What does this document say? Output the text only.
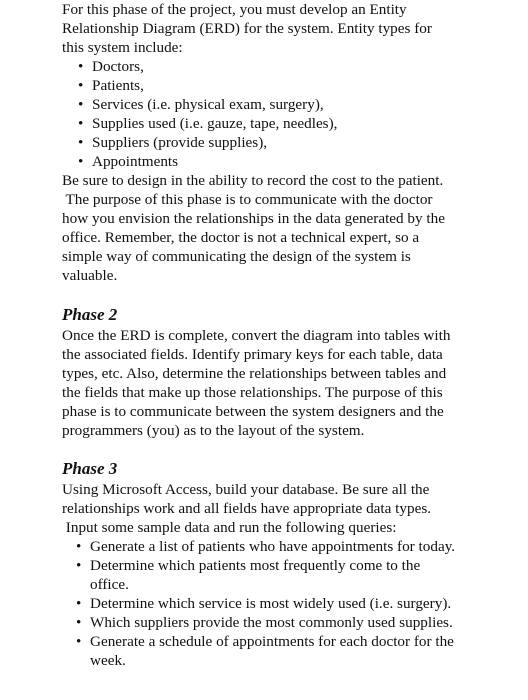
For this phase of the project, you must develop an Entity
Relationship Diagram (ERD) for the system. Entity types for
this system include:

• Doctors,
• Patients,
• Services (i.e. physical exam, surgery),
• Supplies used (i.e. gauze, tape, needles),
• Suppliers (provide supplies),
• Appointments

Be sure to design in the ability to record the cost to the patient.
The purpose of this phase is to communicate with the doctor
how you envision the relationships in the data generated by the
office. Remember, the doctor is not a technical expert, so a
simple way of communicating the design of the system is
valuable.

Phase 2

Once the ERD is complete, convert the diagram into tables with
the associated fields. Identify primary keys for each table, data
types, etc. Also, determine the relationships between tables and
the fields that make up those relationships. The purpose of this
phase is to communicate between the system designers and the
programmers (you) as to the layout of the system.

Phase 3

Using Microsoft Access, build your database. Be sure all the
relationships work and all fields have appropriate data types.
Input some sample data and run the following queries:

• Generate a list of patients who have appointments for today.
• Determine which patients most frequently come to the
office.
• Determine which service is most widely used (i.e. surgery).
• Which suppliers provide the most commonly used supplies.
• Generate a schedule of appointments for each doctor for the
week.
